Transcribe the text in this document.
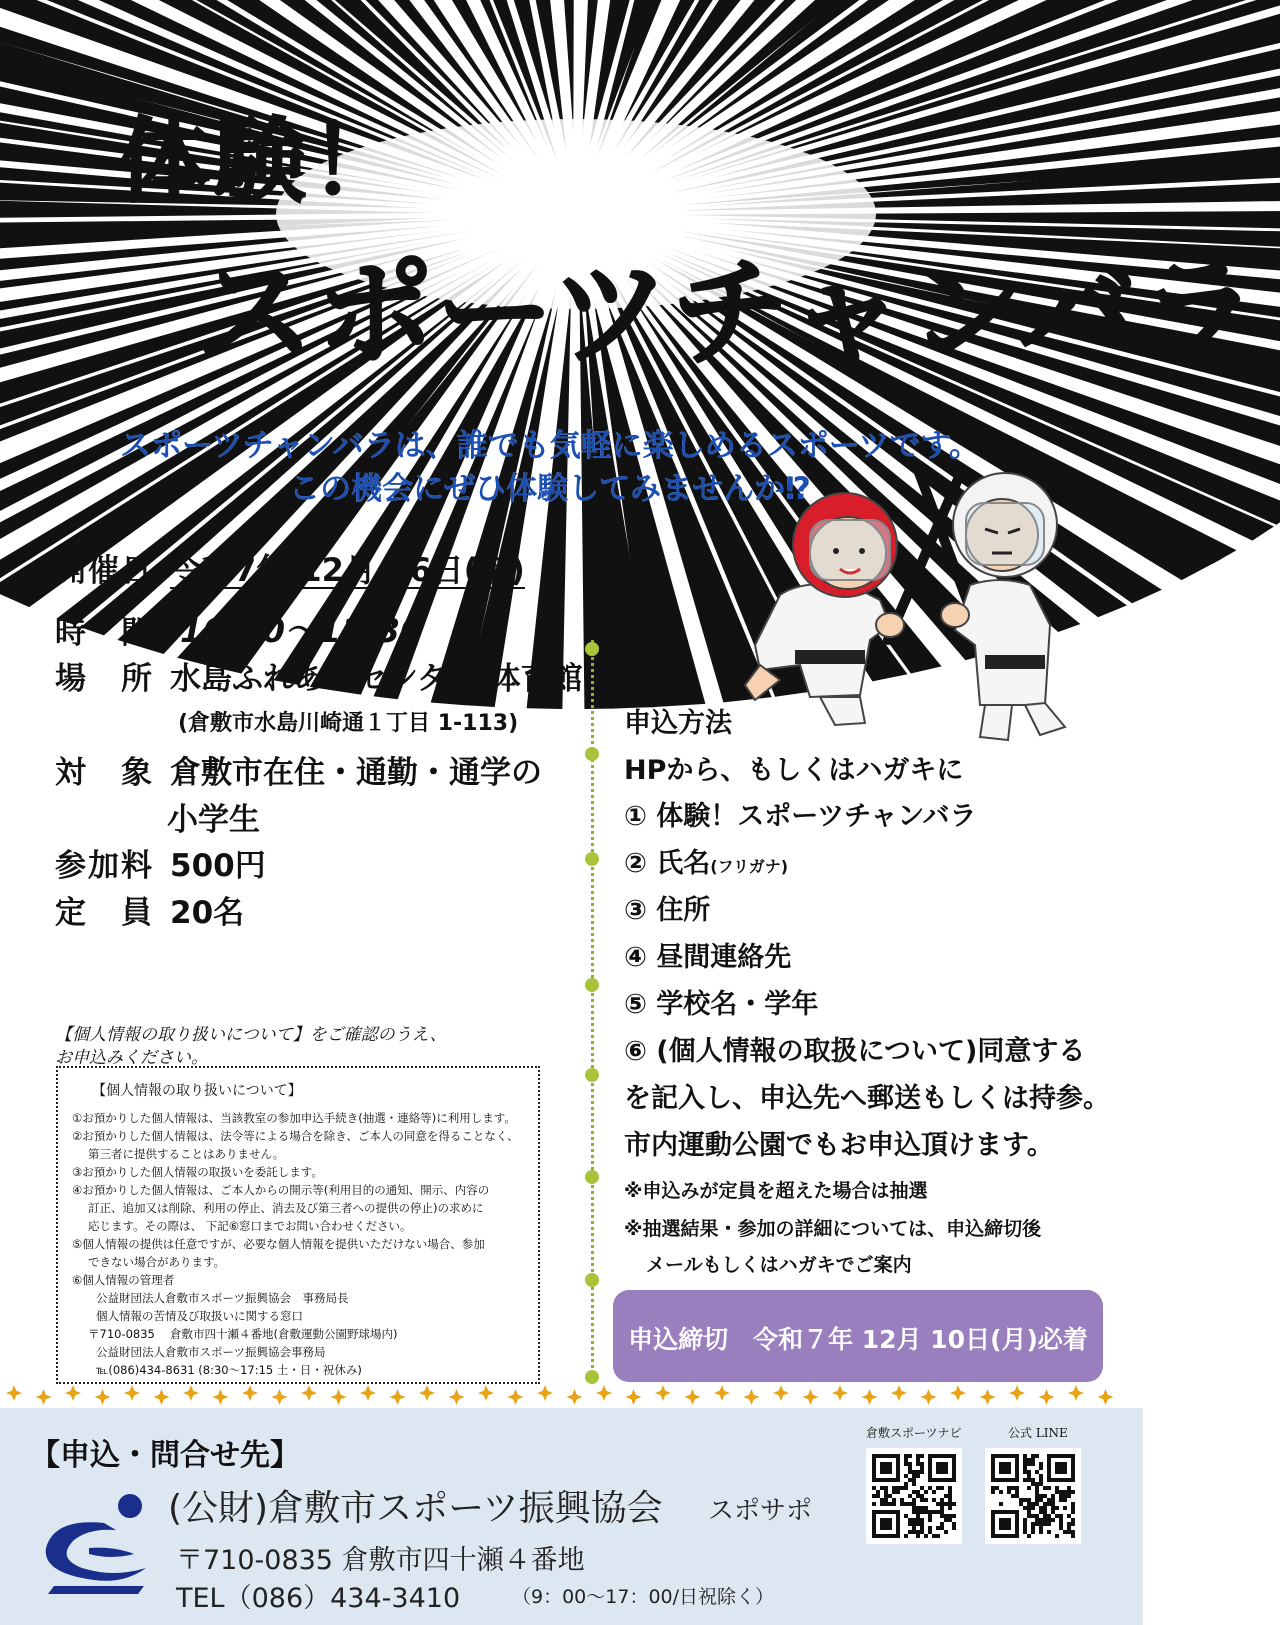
体験！
スポーツチャンバラ
スポーツチャンバラは、誰でも気軽に楽しめるスポーツです。
この機会にぜひ体験してみませんか⁉
開催日 令和7年 12月 26日(金)
時　間 10:00～11:30
場　所 水島ふれあいセンター 体育館
(倉敷市水島川崎通１丁目 1-113)
対　象 倉敷市在住・通勤・通学の
小学生
参加料 500円
定　員 20名
申込方法
HPから、もしくはハガキに
① 体験！スポーツチャンバラ
② 氏名(フリガナ)
③ 住所
④ 昼間連絡先
⑤ 学校名・学年
⑥ (個人情報の取扱について)同意する
を記入し、申込先へ郵送もしくは持参。
市内運動公園でもお申込頂けます。
※申込みが定員を超えた場合は抽選
※抽選結果・参加の詳細については、申込締切後
メールもしくはハガキでご案内
申込締切　令和７年 12月 10日(月)必着
【個人情報の取り扱いについて】をご確認のうえ、
お申込みください。
【個人情報の取り扱いについて】
①お預かりした個人情報は、当該教室の参加申込手続き(抽選・連絡等)に利用します。
②お預かりした個人情報は、法令等による場合を除き、ご本人の同意を得ることなく、
第三者に提供することはありません。
③お預かりした個人情報の取扱いを委託します。
④お預かりした個人情報は、ご本人からの開示等(利用目的の通知、開示、内容の
訂正、追加又は削除、利用の停止、消去及び第三者への提供の停止)の求めに
応じます。その際は、 下記⑥窓口までお問い合わせください。
⑤個人情報の提供は任意ですが、必要な個人情報を提供いただけない場合、参加
できない場合があります。
⑥個人情報の管理者
公益財団法人倉敷市スポーツ振興協会　事務局長
個人情報の苦情及び取扱いに関する窓口
〒710-0835　 倉敷市四十瀬４番地(倉敷運動公園野球場内)
公益財団法人倉敷市スポーツ振興協会事務局
℡(086)434-8631 (8:30～17:15 土・日・祝休み)
【申込・問合せ先】
(公財)倉敷市スポーツ振興協会 スポサポ
〒710-0835 倉敷市四十瀬４番地
TEL（086）434-3410	（9：00～17：00/日祝除く）
倉敷スポーツナビ	公式 LINE
